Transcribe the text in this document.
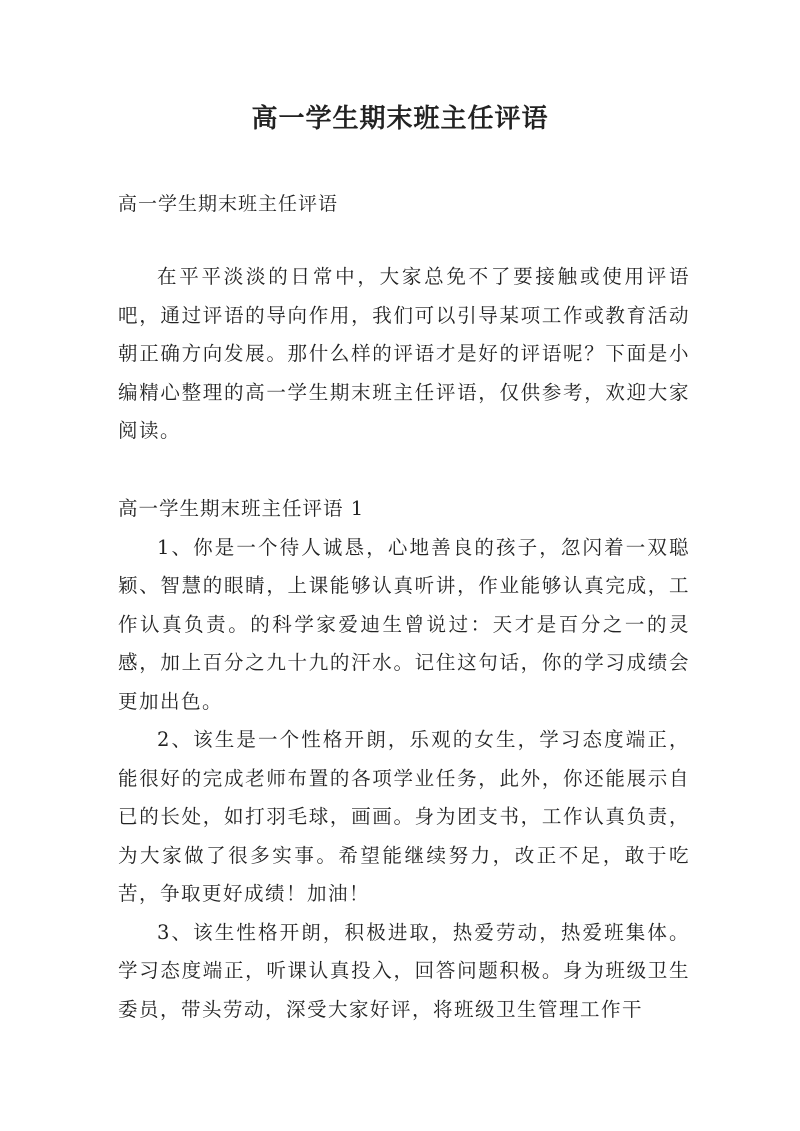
高一学生期末班主任评语

高一学生期末班主任评语

在平平淡淡的日常中，大家总免不了要接触或使用评语吧，通过评语的导向作用，我们可以引导某项工作或教育活动朝正确方向发展。那什么样的评语才是好的评语呢？下面是小编精心整理的高一学生期末班主任评语，仅供参考，欢迎大家阅读。

高一学生期末班主任评语 1

1、你是一个待人诚恳，心地善良的孩子，忽闪着一双聪颖、智慧的眼睛，上课能够认真听讲，作业能够认真完成，工作认真负责。的科学家爱迪生曾说过：天才是百分之一的灵感，加上百分之九十九的汗水。记住这句话，你的学习成绩会更加出色。

2、该生是一个性格开朗，乐观的女生，学习态度端正，能很好的完成老师布置的各项学业任务，此外，你还能展示自已的长处，如打羽毛球，画画。身为团支书，工作认真负责，为大家做了很多实事。希望能继续努力，改正不足，敢于吃苦，争取更好成绩！加油！

3、该生性格开朗，积极进取，热爱劳动，热爱班集体。学习态度端正，听课认真投入，回答问题积极。身为班级卫生委员，带头劳动，深受大家好评，将班级卫生管理工作干
